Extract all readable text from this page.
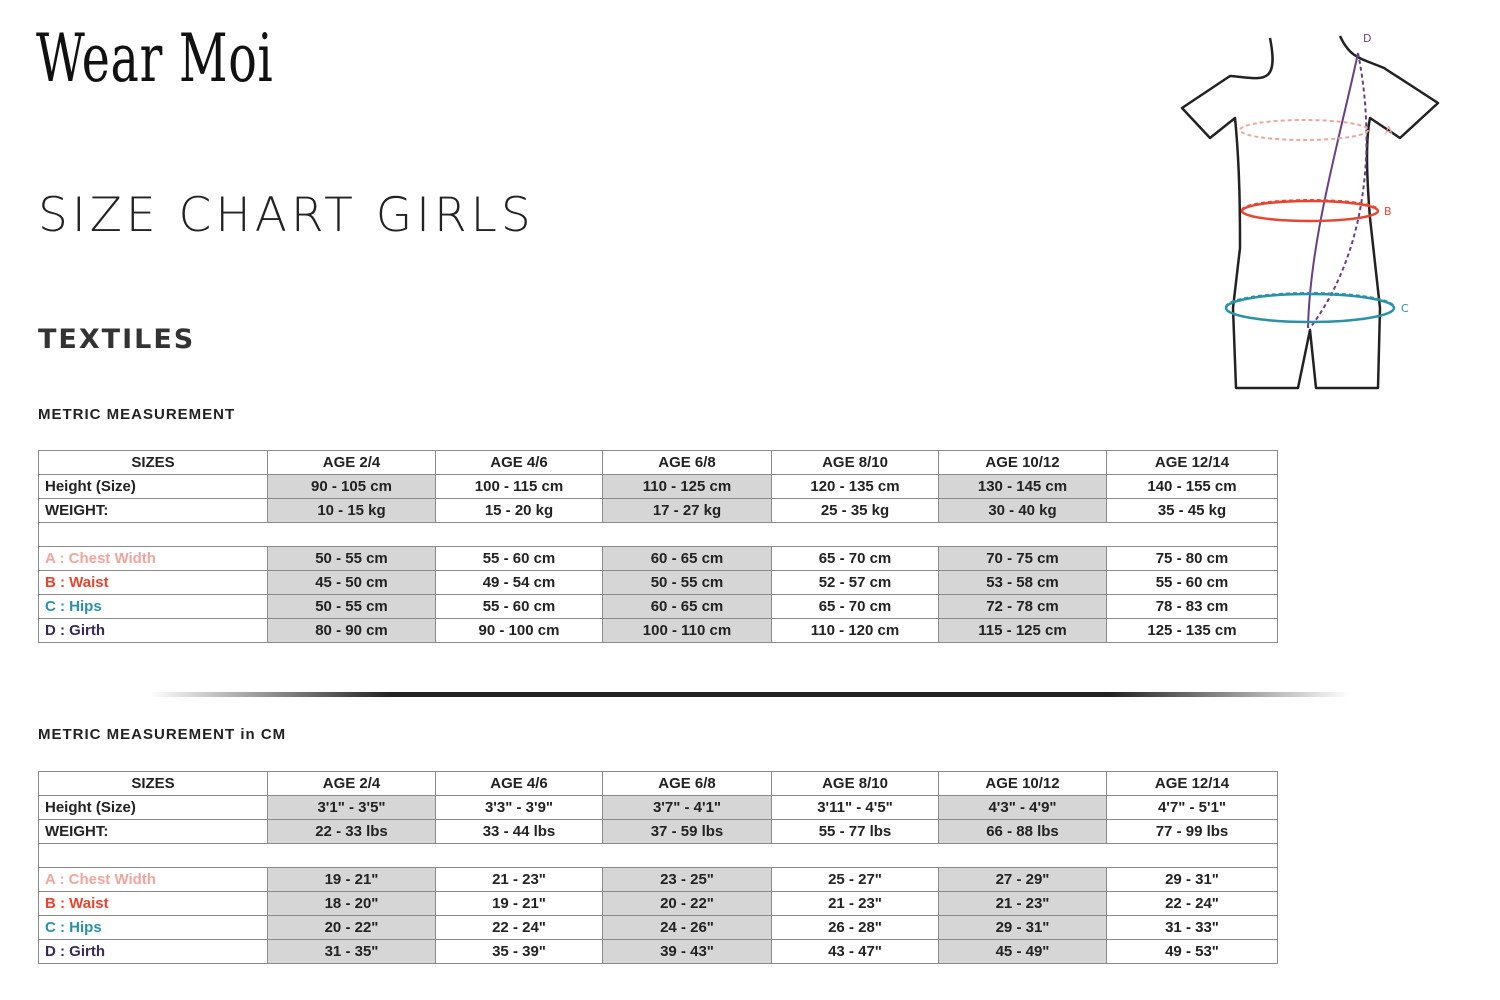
Wear Moi
SIZE CHART GIRLS
TEXTILES
A
B
C
D

METRIC MEASUREMENT

SIZES	AGE 2/4	AGE 4/6	AGE 6/8	AGE 8/10	AGE 10/12	AGE 12/14
Height (Size)	90 - 105 cm	100 - 115 cm	110 - 125 cm	120 - 135 cm	130 - 145 cm	140 - 155 cm
WEIGHT:	10 - 15 kg	15 - 20 kg	17 - 27 kg	25 - 35 kg	30 - 40 kg	35 - 45 kg

A : Chest Width	50 - 55 cm	55 - 60 cm	60 - 65 cm	65 - 70 cm	70 - 75 cm	75 - 80 cm
B : Waist	45 - 50 cm	49 - 54 cm	50 - 55 cm	52 - 57 cm	53 - 58 cm	55 - 60 cm
C : Hips	50 - 55 cm	55 - 60 cm	60 - 65 cm	65 - 70 cm	72 - 78 cm	78 - 83 cm
D : Girth	80 - 90 cm	90 - 100 cm	100 - 110 cm	110 - 120 cm	115 - 125 cm	125 - 135 cm

METRIC MEASUREMENT in CM

SIZES	AGE 2/4	AGE 4/6	AGE 6/8	AGE 8/10	AGE 10/12	AGE 12/14
Height (Size)	3'1" - 3'5"	3'3" - 3'9"	3'7" - 4'1"	3'11" - 4'5"	4'3" - 4'9"	4'7" - 5'1"
WEIGHT:	22 - 33 lbs	33 - 44 lbs	37 - 59 lbs	55 - 77 lbs	66 - 88 lbs	77 - 99 lbs

A : Chest Width	19 - 21"	21 - 23"	23 - 25"	25 - 27"	27 - 29"	29 - 31"
B : Waist	18 - 20"	19 - 21"	20 - 22"	21 - 23"	21 - 23"	22 - 24"
C : Hips	20 - 22"	22 - 24"	24 - 26"	26 - 28"	29 - 31"	31 - 33"
D : Girth	31 - 35"	35 - 39"	39 - 43"	43 - 47"	45 - 49"	49 - 53"
